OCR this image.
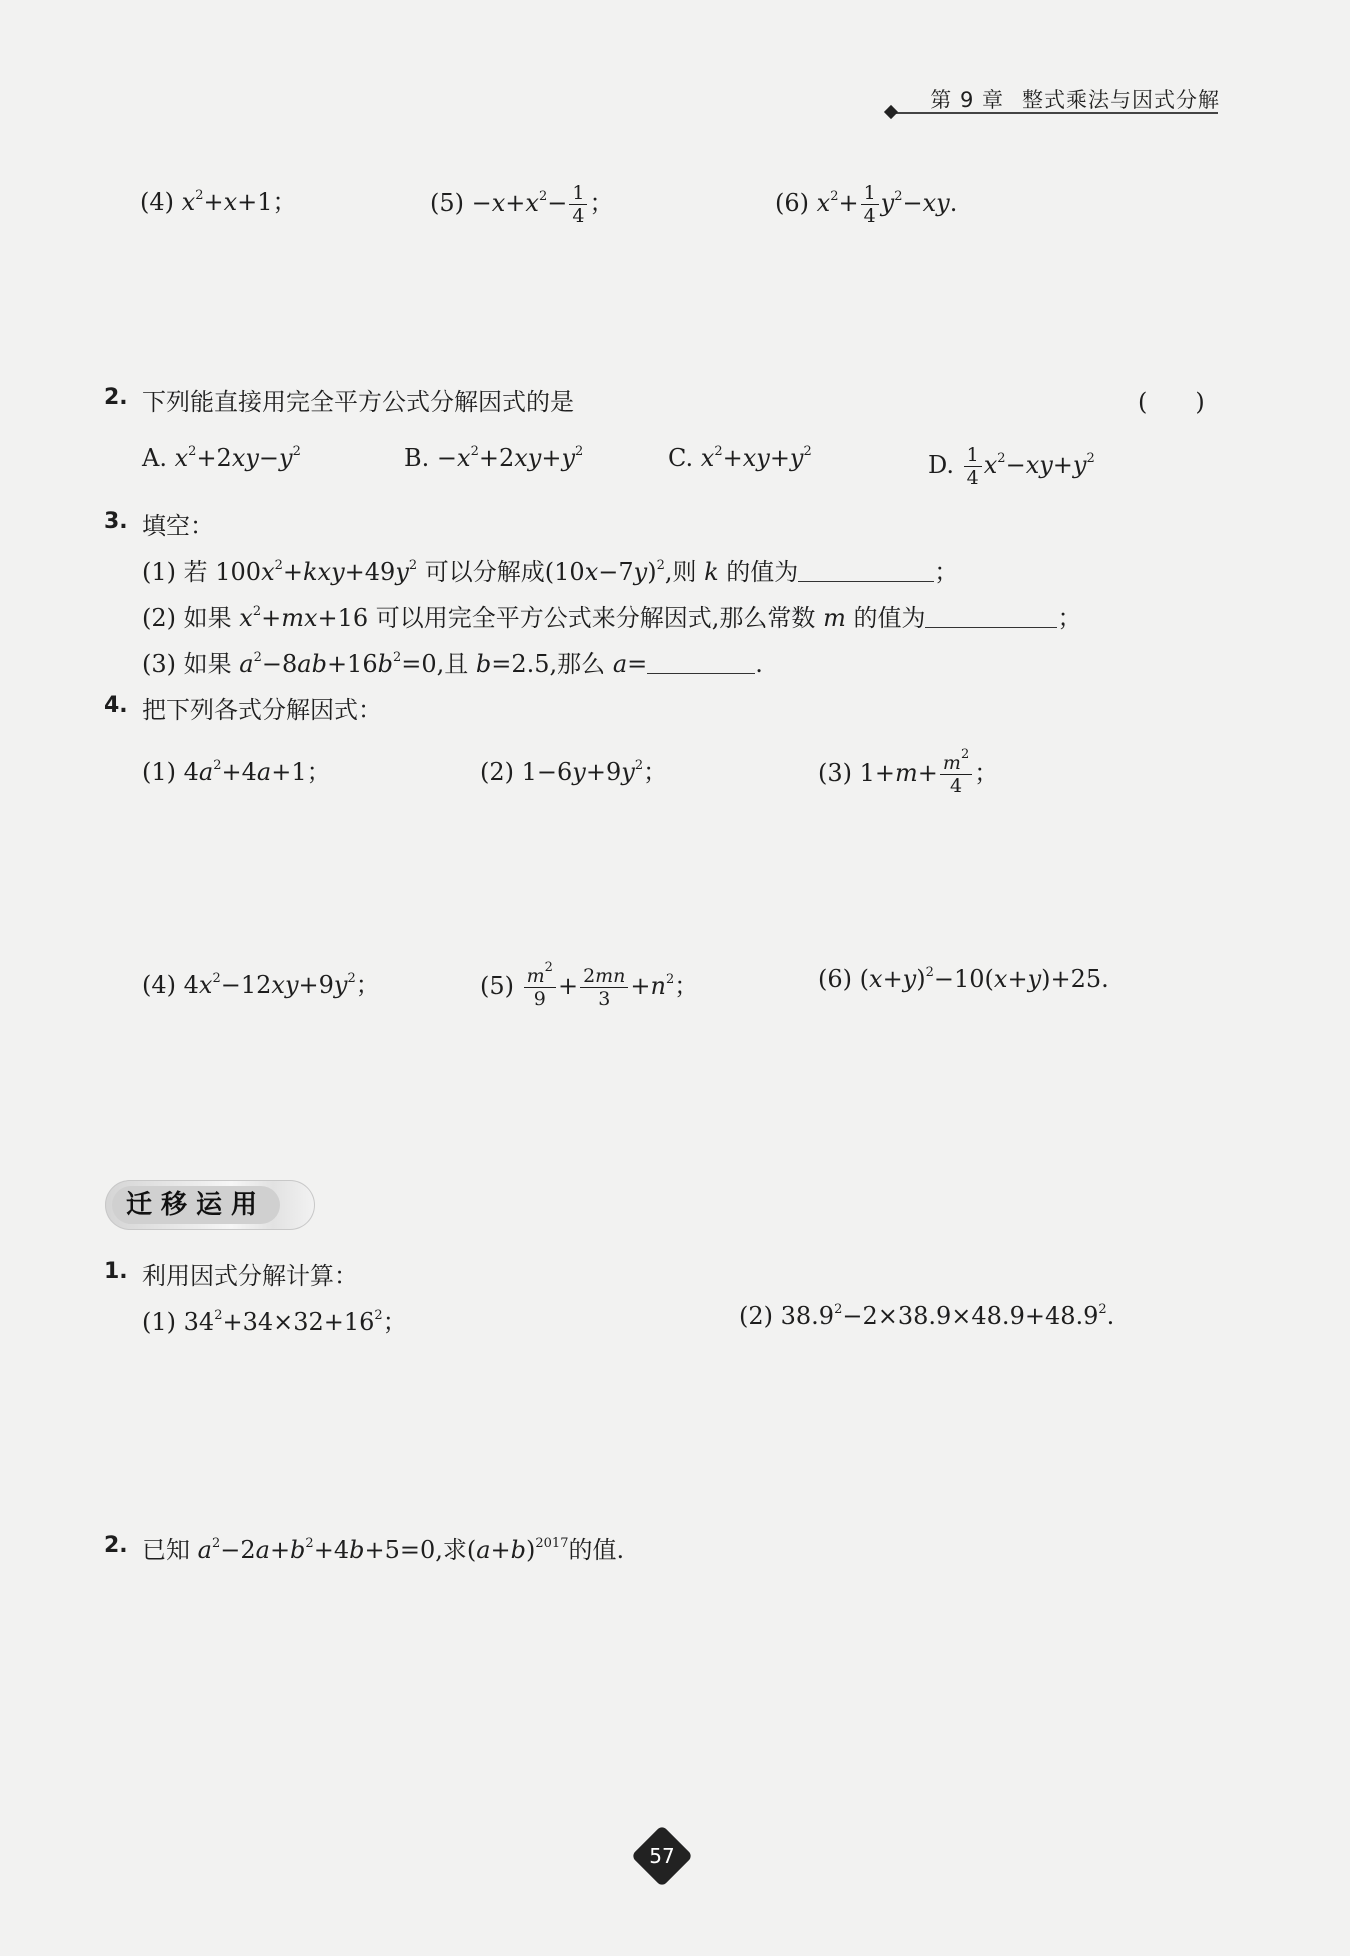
第 9 章 整式乘法与因式分解
(4) $x^2+x+1$；	$(5) -x+x^2- \frac{1}{4}$ ；	(6) $x^2+ \frac{1}{4} y^2-xy$.
2. 下列能直接用完全平方公式分解因式的是	(　　)
A. $x^2+2xy-y^2$	B. $-x^2+2xy+y^2$	C. $x^2+xy+y^2$	D. $\frac{1}{4} x^2-xy+y^2$
3. 填空：
(1) 若 $100x^2+kxy+49y^2$ 可以分解成$(10x-7y)^2$,则 k 的值为	；
(2) 如果 $x^2+mx+16$ 可以用完全平方公式来分解因式,那么常数 m 的值为	；
(3) 如果 $a^2-8ab+16b^2=0$,且 b=2.5,那么 a=	.
4. 把下列各式分解因式：
(1) $4a^2+4a+1$；	(2) $1-6y+9y^2$；	(3) $1+m+ \frac{m^2}{4}$ ；
(4) $4x^2-12xy+9y^2$；	$(5) \frac{m^2}{9} + \frac{2mn}{3} +n^2$；	(6) $(x+y)^2-10(x+y)+25$.
迁移运用
1. 利用因式分解计算：
(1) $34^2+34\times 32+16^2$；	(2) $38.9^2-2\times 38.9\times 48.9+48.9^2$.
2. 已知 $a^2-2a+b^2+4b+5=0$,求$(a+b)^{2017}$的值.
57
